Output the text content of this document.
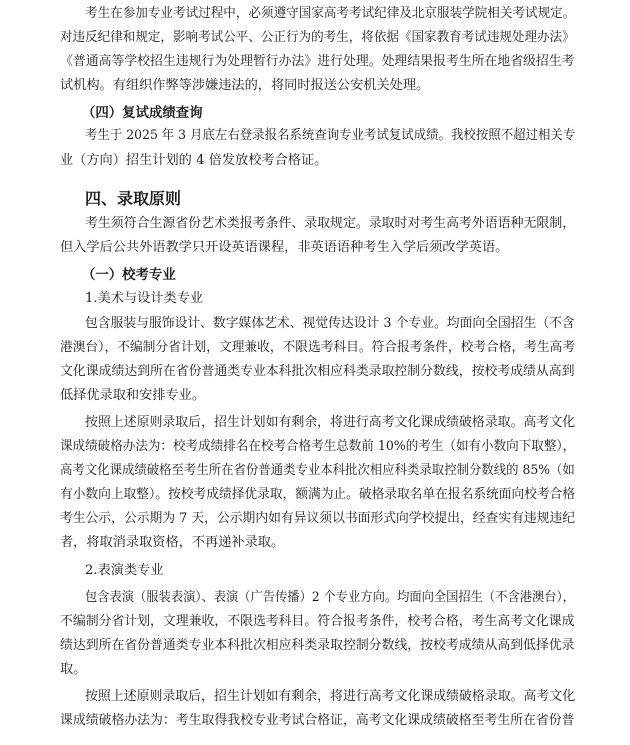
考生在参加专业考试过程中，必须遵守国家高考考试纪律及北京服装学院相关考试规定。
对违反纪律和规定，影响考试公平、公正行为的考生，将依据《国家教育考试违规处理办法》
《普通高等学校招生违规行为处理暂行办法》进行处理。处理结果报考生所在地省级招生考
试机构。有组织作弊等涉嫌违法的，将同时报送公安机关处理。
（四）复试成绩查询
考生于 2025 年 3 月底左右登录报名系统查询专业考试复试成绩。我校按照不超过相关专
业（方向）招生计划的 4 倍发放校考合格证。
四、录取原则
考生须符合生源省份艺术类报考条件、录取规定。录取时对考生高考外语语种无限制，
但入学后公共外语教学只开设英语课程，非英语语种考生入学后须改学英语。
（一）校考专业
1.美术与设计类专业
包含服装与服饰设计、数字媒体艺术、视觉传达设计 3 个专业。均面向全国招生（不含
港澳台），不编制分省计划，文理兼收，不限选考科目。符合报考条件，校考合格，考生高考
文化课成绩达到所在省份普通类专业本科批次相应科类录取控制分数线，按校考成绩从高到
低择优录取和安排专业。
按照上述原则录取后，招生计划如有剩余，将进行高考文化课成绩破格录取。高考文化
课成绩破格办法为：校考成绩排名在校考合格考生总数前 10%的考生（如有小数向下取整），
高考文化课成绩破格至考生所在省份普通类专业本科批次相应科类录取控制分数线的 85%（如
有小数向上取整）。按校考成绩择优录取，额满为止。破格录取名单在报名系统面向校考合格
考生公示，公示期为 7 天，公示期内如有异议须以书面形式向学校提出，经查实有违规违纪
者，将取消录取资格，不再递补录取。
2.表演类专业
包含表演（服装表演）、表演（广告传播）2 个专业方向。均面向全国招生（不含港澳台），
不编制分省计划，文理兼收，不限选考科目。符合报考条件，校考合格，考生高考文化课成
绩达到所在省份普通类专业本科批次相应科类录取控制分数线，按校考成绩从高到低择优录
取。
按照上述原则录取后，招生计划如有剩余，将进行高考文化课成绩破格录取。高考文化
课成绩破格办法为：考生取得我校专业考试合格证，高考文化课成绩破格至考生所在省份普
